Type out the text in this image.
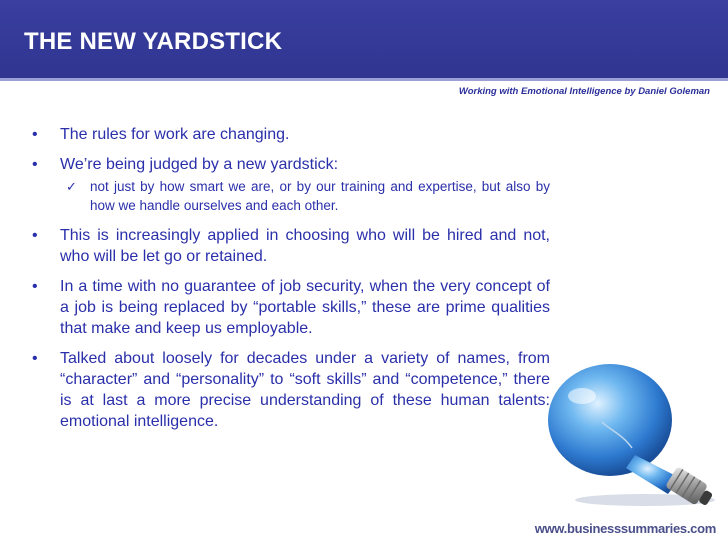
THE NEW YARDSTICK
Working with Emotional Intelligence by Daniel Goleman
• The rules for work are changing.
• We’re being judged by a new yardstick:
✓ not just by how smart we are, or by our training and expertise, but also by how we handle ourselves and each other.
• This is increasingly applied in choosing who will be hired and not, who will be let go or retained.
• In a time with no guarantee of job security, when the very concept of a job is being replaced by “portable skills,” these are prime qualities that make and keep us employable.
• Talked about loosely for decades under a variety of names, from “character” and “personality” to “soft skills” and “competence,” there is at last a more precise understanding of these human talents: emotional intelligence.
www.businesssummaries.com
